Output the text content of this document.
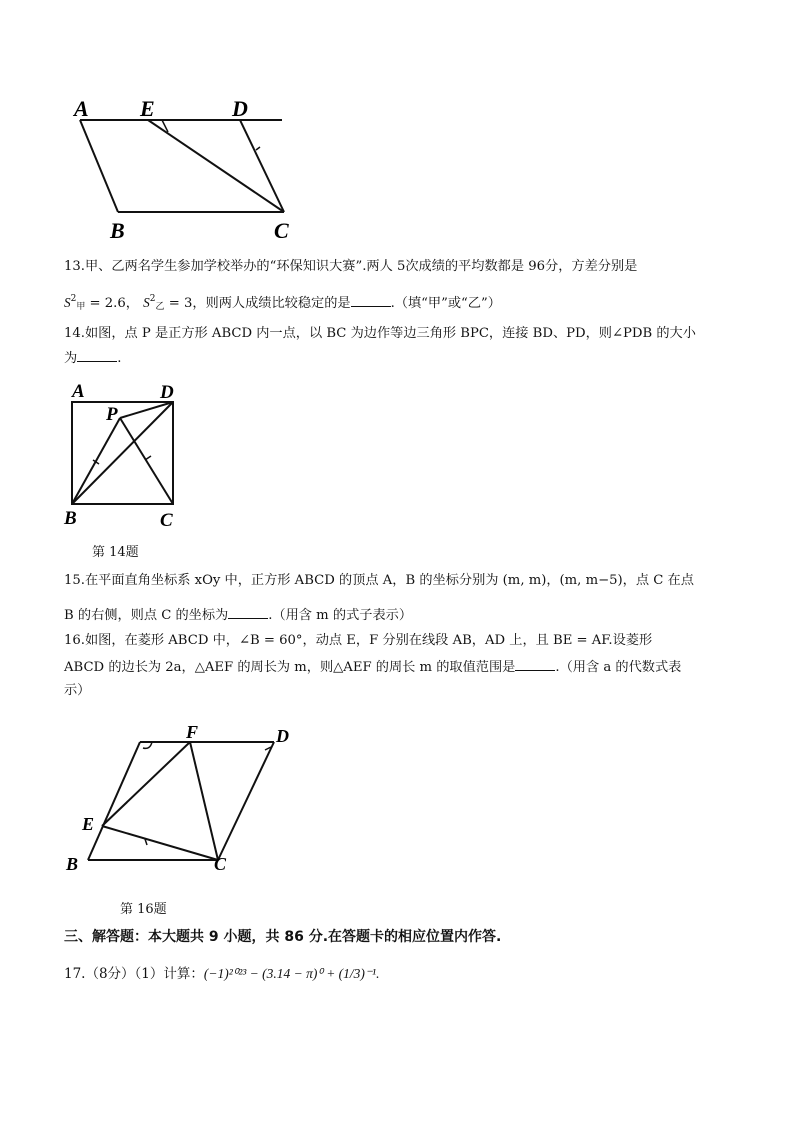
A E	D
B	C
13.甲、乙两名学生参加学校举办的“环保知识大赛”.两人 5次成绩的平均数都是 96分，方差分别是
$S^2_甲 = 2.6$， $S^2_乙 = 3$，则两人成绩比较稳定的是	.（填“甲”或“乙”）
14.如图，点 P 是正方形 ABCD 内一点，以 BC 为边作等边三角形 BPC，连接 BD、PD，则∠PDB 的大小
为	.
A	D
P
B	C
第 14题
15.在平面直角坐标系 xOy 中，正方形 ABCD 的顶点 A，B 的坐标分别为 (m, m)，(m, m−5)，点 C 在点
B 的右侧，则点 C 的坐标为	.（用含 m 的式子表示）
16.如图，在菱形 ABCD 中，∠B = 60°，动点 E，F 分别在线段 AB，AD 上，且 BE = AF.设菱形
ABCD 的边长为 2a，△AEF 的周长为 m，则△AEF 的周长 m 的取值范围是	.（用含 a 的代数式表
示）
F	D
E
B	C
第 16题
三、解答题：本大题共 9 小题，共 86 分.在答题卡的相应位置内作答.
17.（8分）（1）计算：(−1)²⁰²³ − (3.14 − π)⁰ + (1/3)⁻¹.
